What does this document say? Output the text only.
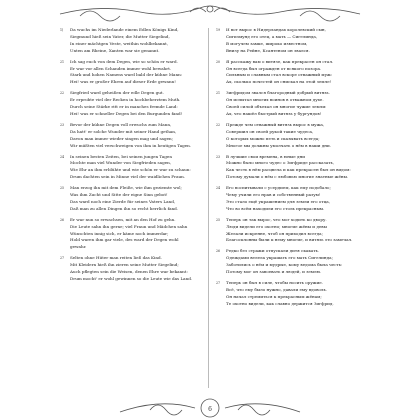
1) Da wuchs im Niederlande einem Edlen Königs Kind,
Siegmund hieß sein Vater, die Mutter Siegelind,
In einer mächtgen Veste, weithin wohlbekannt,
Unten am Rheine, Xanten war sie genannt.
21 Ich sag euch von dem Degen, wie so schön er ward.
Er war vor allen Schanden immer wohl bewahrt.
Stark und hohen Namens ward bald der kühne Mann:
Hei! was er großer Ehren auf dieser Erde gewann!
22 Siegfried ward geheißen der edle Degen gut.
Er erprobte viel der Recken in hochbeherztem Muth.
Durch seine Stärke ritt er in manches fremde Land:
Hei! was er schneller Degen bei den Burgunden fand!
23 Bevor der kühne Degen voll erwuchs zum Mann,
Da hatt' er solche Wunder mit seiner Hand gethan,
Davon man immer wieder singen mag und sagen;
Wir müßten viel verschweigen von ihm in heutigen Tagen.
24 In seinen besten Zeiten, bei seinen jungen Tagen
Mochte man viel Wunder von Siegfrieden sagen,
Wie Ehr an ihm erblühte und wie schön er war zu schaun:
Drum dachten sein in Minne viel der waidlichen Fraun.
25 Man erzog ihn mit dem Fleiße, wie ihm geziemte wol;
Was ihm Zucht und Sitte der eigne Sinn gebot!
Das ward noch eine Zierde für seines Vaters Land,
Daß man zu allen Dingen ihn so recht herrlich fand.
26 Er war nun so erwachsen, mit an den Hof zu gehn.
Die Leute sahn ihn gerne; viel Fraun und Mädchen sahn
Wünschten innig sich, er käme noch immerdar;
Hold waren ihm gar viele, des ward der Degen wohl
gewahr.
27 Selten ohne Hüter man reiten ließ das Kind.
Mit Kleidern hieß ihn zieren seine Mutter Siegelind;
Auch pflegten sein die Weisen, denen Ehre war bekannt:
Drum mocht' er wohl gewinnen so die Leute wie das Land.
19 И вот вырос в Нидерландах королевский сын,
Сигизмунд его отец, а мать — Сигелинда,
В могучем замке, широко известном,
Внизу на Рейне, Ксантеном он звался.
20 Я расскажу вам о витязе, как прекрасен он стал.
Он всегда был огражден от всякого позора.
Сильным и славным стал вскоре отважный муж:
Ах, сколько почестей он снискал на этой земле!
21 Зигфридом звался благородный добрый витязь.
Он испытал многих воинов в отважном духе.
Своей силой объехал он многие чужие земли:
Ах, что нашёл быстрый витязь у бургундов!
22 Прежде чем отважный витязь вырос в мужа,
Совершил он своей рукой такие чудеса,
О которых можно петь и сказывать всегда;
Многое мы должны умолчать о нём в наши дни.
23 В лучшие свои времена, в юные дни
Можно было много чудес о Зигфриде рассказать,
Как честь в нём расцвела и как прекрасен был он видом:
Потому думали о нём с любовью многие знатные жёны.
24 Его воспитывали с усердием, как ему подобало;
Чему учили его нрав и собственный разум!
Это стало ещё украшением для земли его отца,
Что во всём находили его столь прекрасным.
25 Теперь он так вырос, что мог ходить ко двору.
Люди видели его охотно; многие жёны и девы
Желали искренне, чтоб он приходил всегда;
Благосклонны были к нему многие, и витязь это замечал.
26 Редко без стражи отпускали дитя скакать.
Одеждами велела украшать его мать Сигелинда;
Заботились о нём и мудрые, кому ведома была честь:
Потому мог он завоевать и людей, и землю.
27 Теперь он был в силе, чтобы носить оружие.
Всё, что ему было нужно, давали ему вдоволь.
Он начал стремиться к прекрасным жёнам;
Те охотно видели, как славно держится Зигфрид.
6
